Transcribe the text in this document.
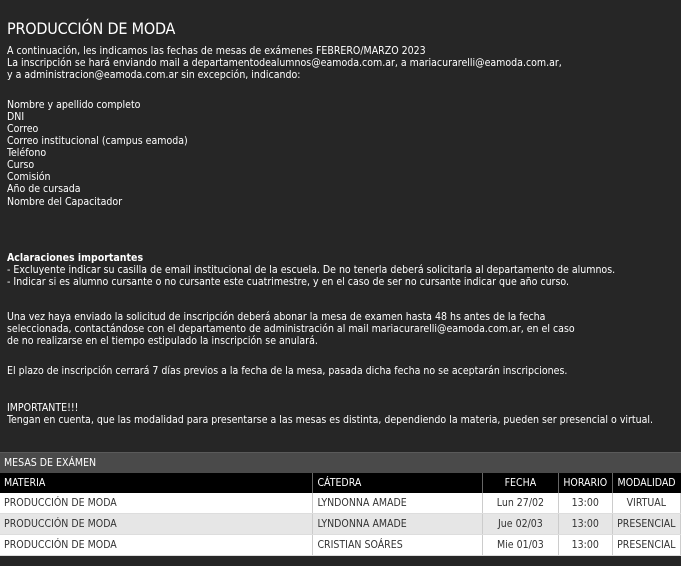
PRODUCCIÓN DE MODA

A continuación, les indicamos las fechas de mesas de exámenes FEBRERO/MARZO 2023

La inscripción se hará enviando mail a departamentodealumnos@eamoda.com.ar, a mariacurarelli@eamoda.com.ar,

y a administracion@eamoda.com.ar sin excepción, indicando:

Nombre y apellido completo

DNI

Correo

Correo institucional (campus eamoda)

Teléfono

Curso

Comisión

Año de cursada

Nombre del Capacitador

Aclaraciones importantes

- Excluyente indicar su casilla de email institucional de la escuela. De no tenerla deberá solicitarla al departamento de alumnos.

- Indicar si es alumno cursante o no cursante este cuatrimestre, y en el caso de ser no cursante indicar que año curso.

Una vez haya enviado la solicitud de inscripción deberá abonar la mesa de examen hasta 48 hs antes de la fecha

seleccionada, contactándose con el departamento de administración al mail mariacurarelli@eamoda.com.ar, en el caso

de no realizarse en el tiempo estipulado la inscripción se anulará.

El plazo de inscripción cerrará 7 días previos a la fecha de la mesa, pasada dicha fecha no se aceptarán inscripciones.

IMPORTANTE!!!

Tengan en cuenta, que las modalidad para presentarse a las mesas es distinta, dependiendo la materia, pueden ser presencial o virtual.

MESAS DE EXÁMEN				
MATERIA	CÁTEDRA	FECHA	HORARIO	MODALIDAD
PRODUCCIÓN DE MODA	LYNDONNA AMADE	Lun 27/02	13:00	VIRTUAL
PRODUCCIÓN DE MODA	LYNDONNA AMADE	Jue 02/03	13:00	PRESENCIAL
PRODUCCIÓN DE MODA	CRISTIAN SOÁRES	Mie 01/03	13:00	PRESENCIAL
